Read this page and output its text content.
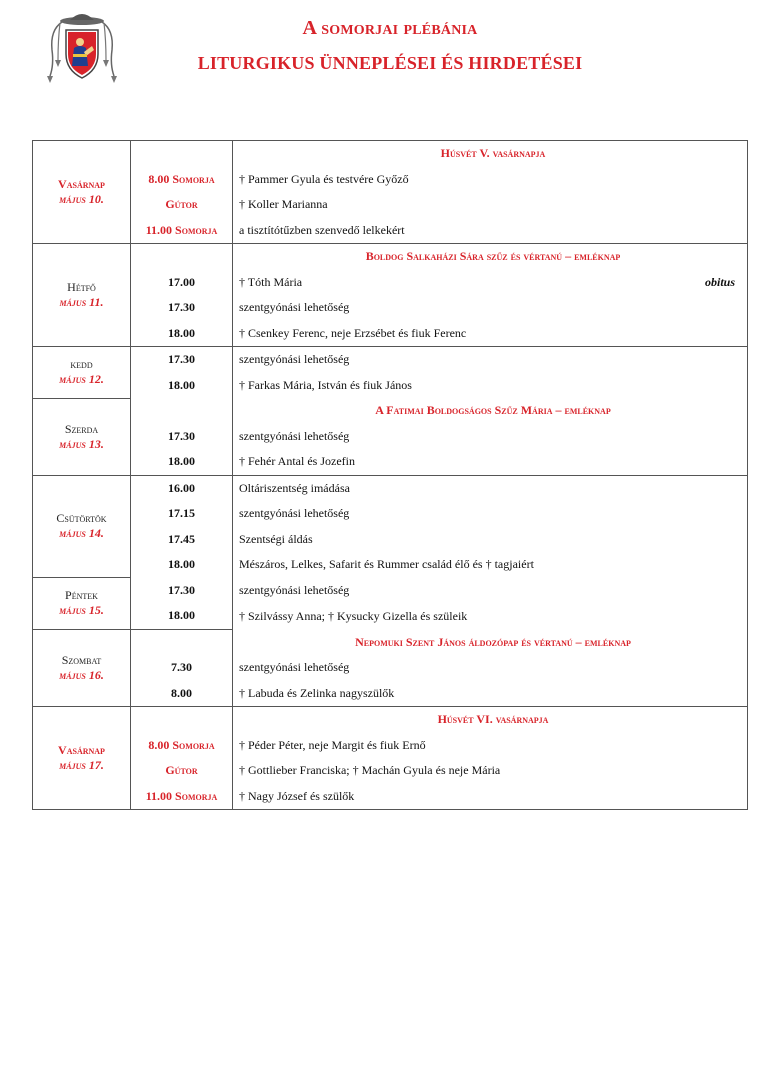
A somorjai plébánia
LITURGIKUS ÜNNEPLÉSEI ÉS HIRDETÉSEI
Vasárnap
május 10.		Húsvét V. vasárnapja
	8.00 Somorja	† Pammer Gyula és testvére Győző
	Gútor	† Koller Marianna
	11.00 Somorja	a tisztítótűzben szenvedő lelkekért

Hétfő
május 11.		Boldog Salkaházi Sára szűz és vértanú – emléknap
	17.00	† Tóth Mária obitus

	17.30	szentgyónási lehetőség
	18.00	† Csenkey Ferenc, neje Erzsébet és fiuk Ferenc

kedd
május 12.	17.30	szentgyónási lehetőség
	18.00	† Farkas Mária, István és fiuk János

Szerda
május 13.		A Fatimai Boldogságos Szűz Mária – emléknap
	17.30	szentgyónási lehetőség
	18.00	† Fehér Antal és Jozefin

Csütörtök
május 14.	16.00	Oltáriszentség imádása
	17.15	szentgyónási lehetőség
	17.45	Szentségi áldás
	18.00	Mészáros, Lelkes, Safarit és Rummer család élő és † tagjaiért

Péntek
május 15.	17.30	szentgyónási lehetőség
	18.00	† Szilvássy Anna; † Kysucky Gizella és szüleik

Szombat
május 16.		Nepomuki Szent János áldozópap és vértanú – emléknap
	7.30	szentgyónási lehetőség
	8.00	† Labuda és Zelinka nagyszülők

Vasárnap
május 17.		Húsvét VI. vasárnapja
	8.00 Somorja	† Péder Péter, neje Margit és fiuk Ernő
	Gútor	† Gottlieber Franciska; † Machán Gyula és neje Mária
	11.00 Somorja	† Nagy József és szülők
